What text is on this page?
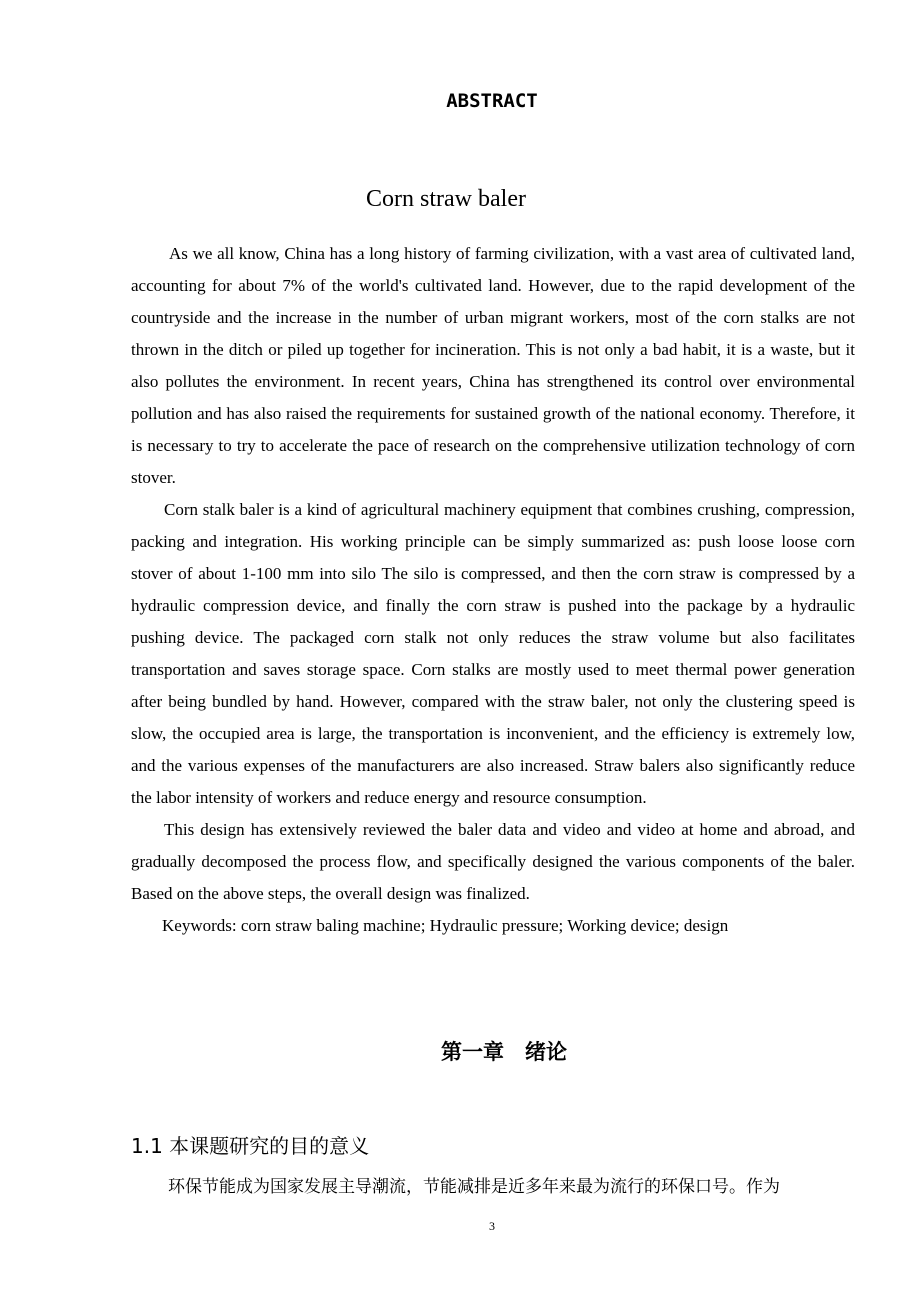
ABSTRACT
Corn straw baler

As we all know, China has a long history of farming civilization, with a vast area of cultivated land, accounting for about 7% of the world's cultivated land. However, due to the rapid development of the countryside and the increase in the number of urban migrant workers, most of the corn stalks are not thrown in the ditch or piled up together for incineration. This is not only a bad habit, it is a waste, but it also pollutes the environment. In recent years, China has strengthened its control over environmental pollution and has also raised the requirements for sustained growth of the national economy. Therefore, it is necessary to try to accelerate the pace of research on the comprehensive utilization technology of corn stover.

Corn stalk baler is a kind of agricultural machinery equipment that combines crushing, compression, packing and integration. His working principle can be simply summarized as: push loose loose corn stover of about 1-100 mm into silo The silo is compressed, and then the corn straw is compressed by a hydraulic compression device, and finally the corn straw is pushed into the package by a hydraulic pushing device. The packaged corn stalk not only reduces the straw volume but also facilitates transportation and saves storage space. Corn stalks are mostly used to meet thermal power generation after being bundled by hand. However, compared with the straw baler, not only the clustering speed is slow, the occupied area is large, the transportation is inconvenient, and the efficiency is extremely low, and the various expenses of the manufacturers are also increased. Straw balers also significantly reduce the labor intensity of workers and reduce energy and resource consumption.

This design has extensively reviewed the baler data and video and video at home and abroad, and gradually decomposed the process flow, and specifically designed the various components of the baler. Based on the above steps, the overall design was finalized.

Keywords: corn straw baling machine; Hydraulic pressure; Working device; design

第一章　绪论
1.1 本课题研究的目的意义
环保节能成为国家发展主导潮流，节能减排是近多年来最为流行的环保口号。作为
3
